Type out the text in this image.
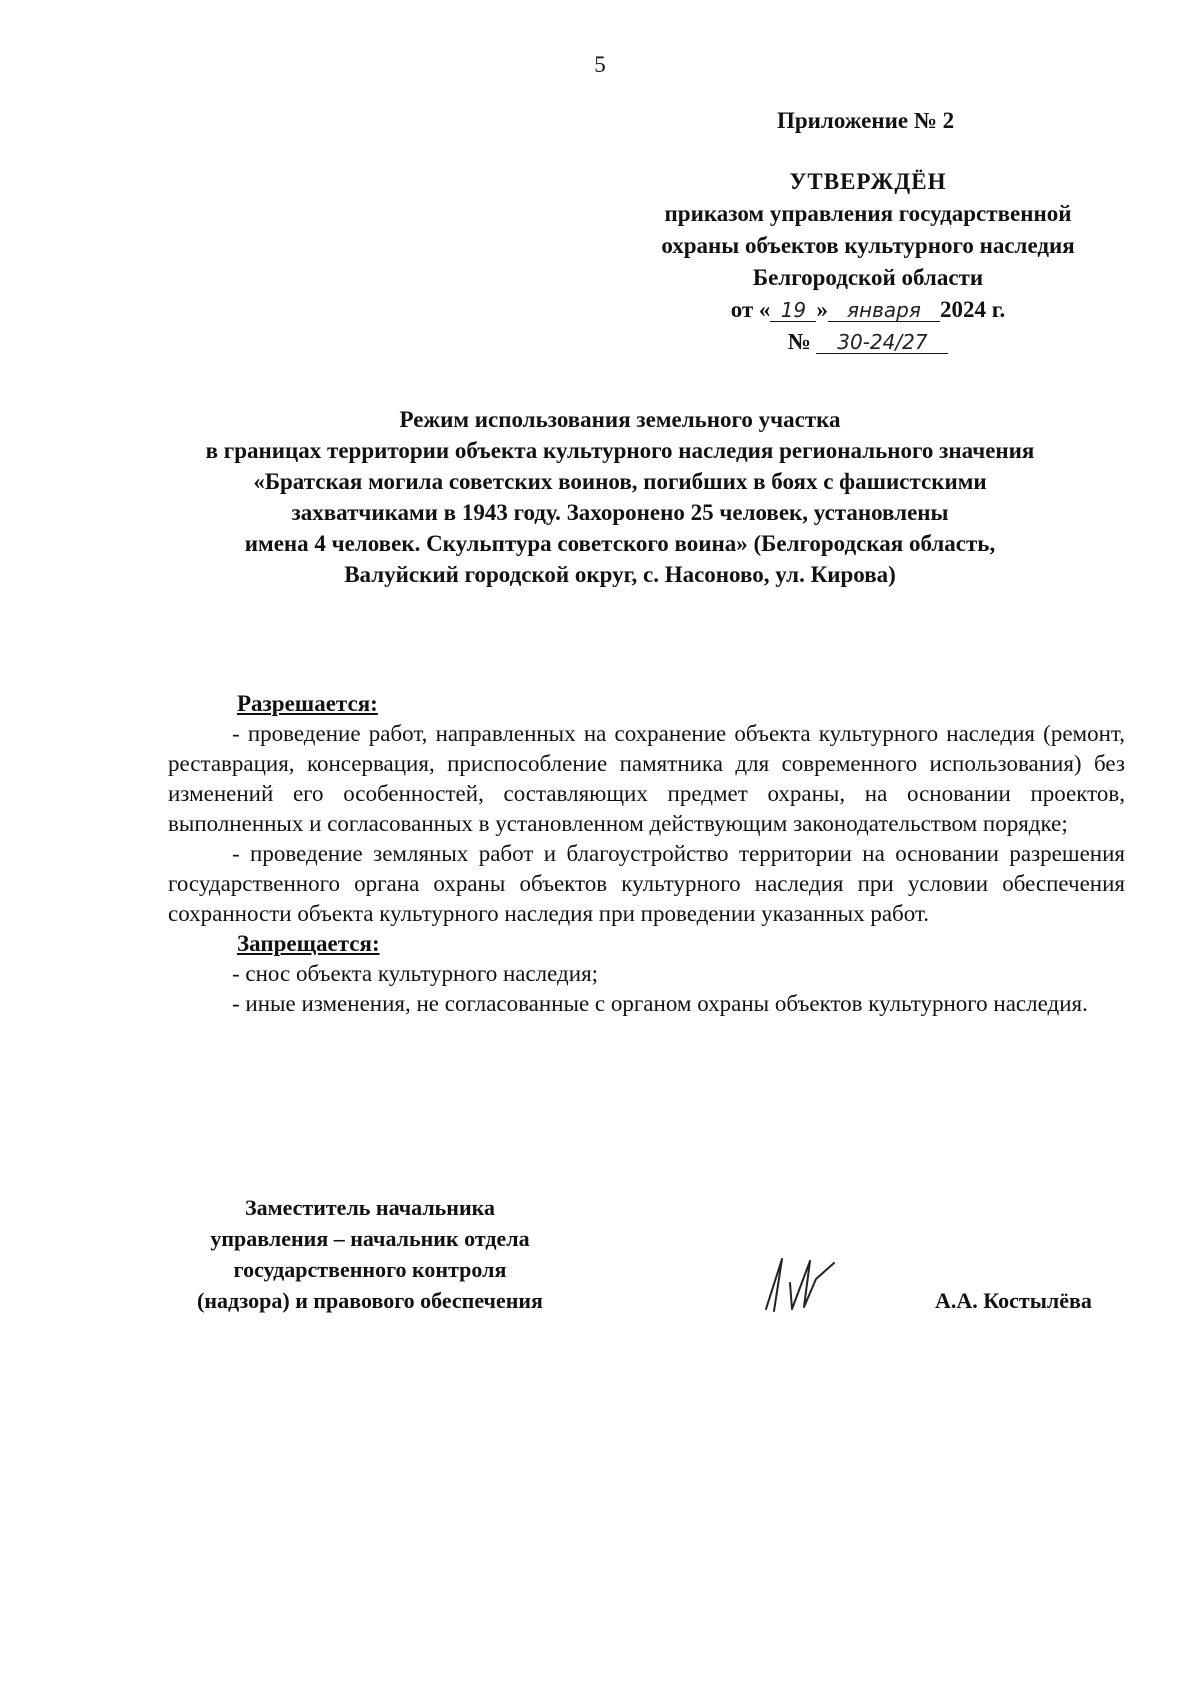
5
Приложение № 2
УТВЕРЖДЁН
приказом управления государственной
охраны объектов культурного наследия
Белгородской области
от « 19 » января 2024 г.
№ 30-24/27
Режим использования земельного участка
в границах территории объекта культурного наследия регионального значения
«Братская могила советских воинов, погибших в боях с фашистскими
захватчиками в 1943 году. Захоронено 25 человек, установлены
имена 4 человек. Скульптура советского воина» (Белгородская область,
Валуйский городской округ, с. Насоново, ул. Кирова)
Разрешается:
- проведение работ, направленных на сохранение объекта культурного наследия (ремонт, реставрация, консервация, приспособление памятника для современного использования) без изменений его особенностей, составляющих предмет охраны, на основании проектов, выполненных и согласованных в установленном действующим законодательством порядке;
- проведение земляных работ и благоустройство территории на основании разрешения государственного органа охраны объектов культурного наследия при условии обеспечения сохранности объекта культурного наследия при проведении указанных работ.
Запрещается:
- снос объекта культурного наследия;
- иные изменения, не согласованные с органом охраны объектов культурного наследия.
Заместитель начальника
управления – начальник отдела
государственного контроля
(надзора) и правового обеспечения	А.А. Костылёва
